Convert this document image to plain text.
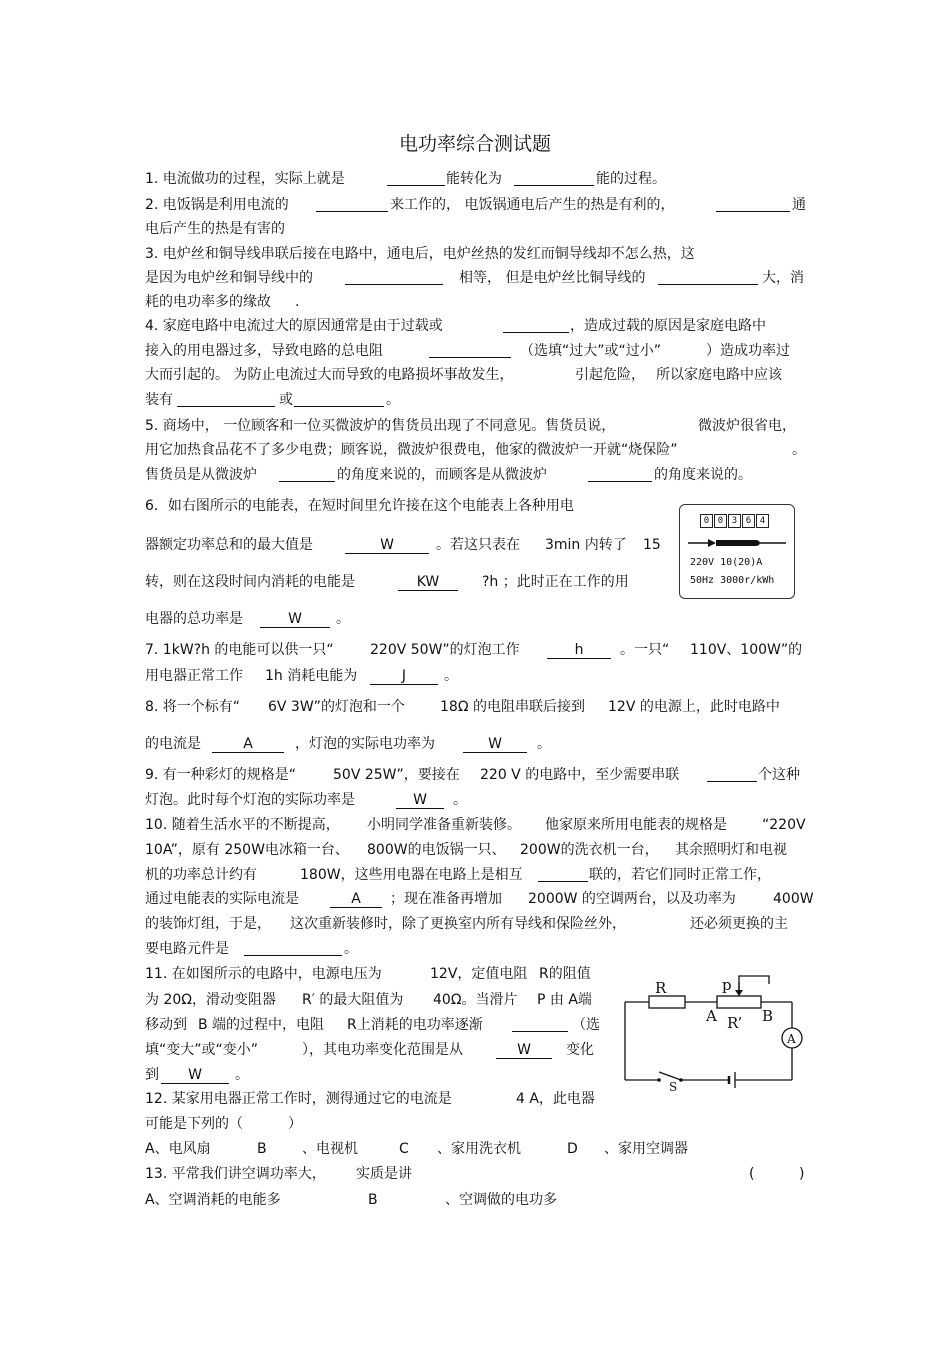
电功率综合测试题
1. 电流做功的过程，实际上就是	能转化为	能的过程。
2. 电饭锅是利用电流的	来工作的， 电饭锅通电后产生的热是有利的，	通
电后产生的热是有害的
3. 电炉丝和铜导线串联后接在电路中，通电后，电炉丝热的发红而铜导线却不怎么热，这
是因为电炉丝和铜导线中的	相等， 但是电炉丝比铜导线的	大，消
耗的电功率多的缘故 .
4. 家庭电路中电流过大的原因通常是由于过载或	，造成过载的原因是家庭电路中
接入的用电器过多，导致电路的总电阻	（选填“过大”或“过小”	）造成功率过
大而引起的。 为防止电流过大而导致的电路损坏事故发生，	引起危险， 所以家庭电路中应该
装有	或	。
5. 商场中， 一位顾客和一位买微波炉的售货员出现了不同意见。售货员说，	微波炉很省电，
用它加热食品花不了多少电费；顾客说，微波炉很费电，他家的微波炉一开就“烧保险”	。
售货员是从微波炉	的角度来说的，而顾客是从微波炉	的角度来说的。
6．如右图所示的电能表，在短时间里允许接在这个电能表上各种用电
器额定功率总和的最大值是	W	。若这只表在 3min 内转了 15
转，则在这段时间内消耗的电能是	KW	?h ；此时正在工作的用
电器的总功率是	W	。
0 0 3 6 4
220V 10(20)A
50Hz 3000r/kWh
7. 1kW?h 的电能可以供一只“	220V 50W”的灯泡工作	h	。一只“ 110V、100W”的
用电器正常工作 1h 消耗电能为	J	。
8. 将一个标有“ 6V 3W”的灯泡和一个	18Ω 的电阻串联后接到 12V 的电源上，此时电路中
的电流是	A	，灯泡的实际电功率为	W	。
9. 有一种彩灯的规格是“	50V 25W”，要接在 220 V 的电路中，至少需要串联	个这种
灯泡。此时每个灯泡的实际功率是	W	。
10. 随着生活水平的不断提高， 小明同学准备重新装修。 他家原来所用电能表的规格是	“220V
10A”，原有 250W电冰箱一台、 800W的电饭锅一只、 200W的洗衣机一台， 其余照明灯和电视
机的功率总计约有	180W，这些用电器在电路上是相互	联的，若它们同时正常工作，
通过电能表的实际电流是	A	；现在准备再增加 2000W 的空调两台，以及功率为	400W
的装饰灯组，于是， 这次重新装修时，除了更换室内所有导线和保险丝外，	还必须更换的主
要电路元件是	。
11. 在如图所示的电路中，电源电压为	12V，定值电阻 R的阻值
为 20Ω，滑动变阻器 R′ 的最大阻值为 40Ω。当滑片 P 由 A端
移动到 B 端的过程中，电阻 R上消耗的电功率逐渐	（选
填“变大”或“变小”	），其电功率变化范围是从	W	变化
到	W	。
R	p
A R’ B
A
S
12. 某家用电器正常工作时，测得通过它的电流是	4 A，此电器
可能是下列的（	）
A、电风扇	B	、电视机	C 、家用洗衣机	D 、家用空调器
13. 平常我们讲空调功率大， 实质是讲	(	)
A、空调消耗的电能多	B	、空调做的电功多
